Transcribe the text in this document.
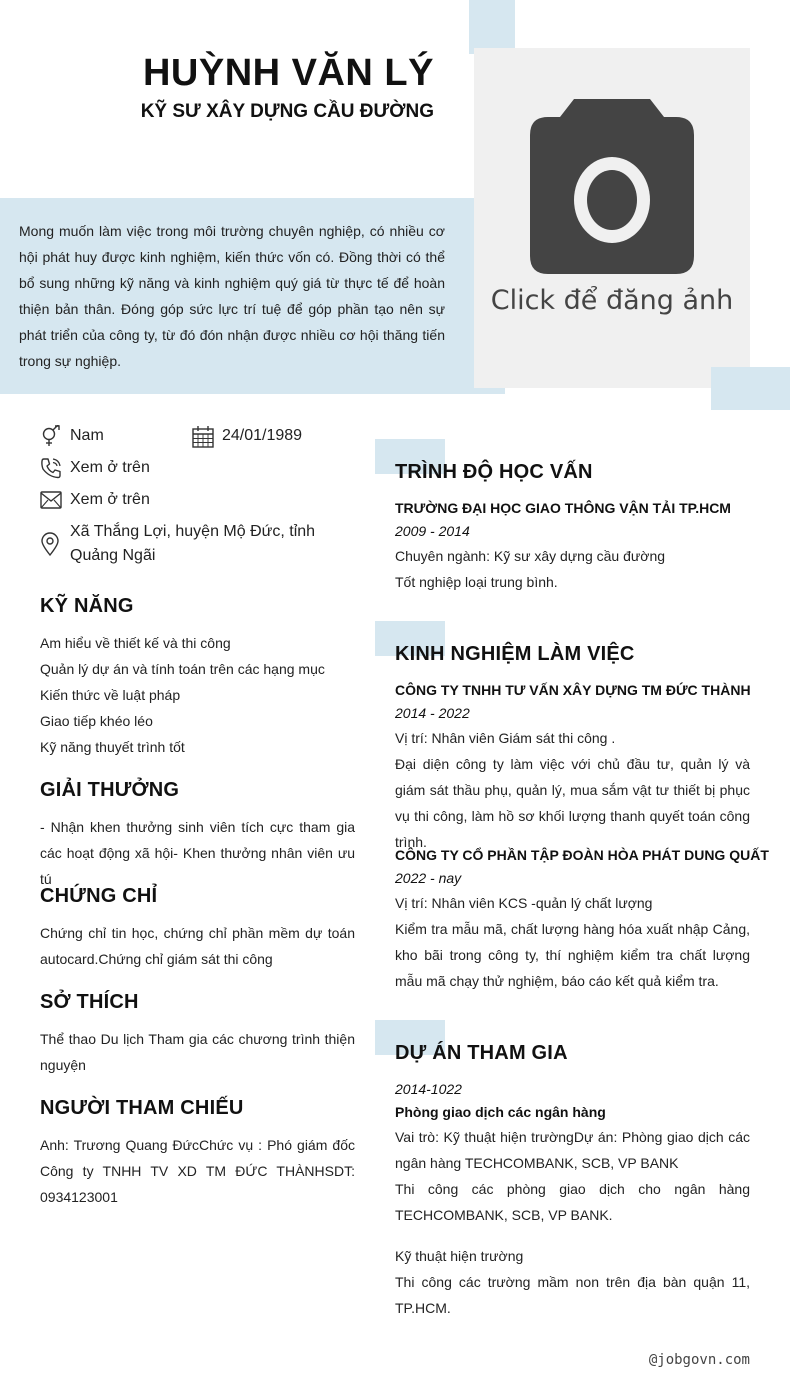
HUỲNH VĂN LÝ
KỸ SƯ XÂY DỰNG CẦU ĐƯỜNG

Mong muốn làm việc trong môi trường chuyên nghiệp, có nhiều cơ hội phát huy được kinh nghiệm, kiến thức vốn có. Đồng thời có thể bổ sung những kỹ năng và kinh nghiệm quý giá từ thực tế để hoàn thiện bản thân. Đóng góp sức lực trí tuệ để góp phần tạo nên sự phát triển của công ty, từ đó đón nhận được nhiều cơ hội thăng tiến trong sự nghiệp.

Click để đăng ảnh
Nam	24/01/1989
Xem ở trên
Xem ở trên
Xã Thắng Lợi, huyện Mộ Đức, tỉnh
Quảng Ngãi
KỸ NĂNG
Am hiểu về thiết kế và thi công
Quản lý dự án và tính toán trên các hạng mục
Kiến thức về luật pháp
Giao tiếp khéo léo
Kỹ năng thuyết trình tốt
GIẢI THƯỞNG

- Nhận khen thưởng sinh viên tích cực tham gia các hoạt động xã hội- Khen thưởng nhân viên ưu tú

CHỨNG CHỈ

Chứng chỉ tin học, chứng chỉ phần mềm dự toán autocard.Chứng chỉ giám sát thi công

SỞ THÍCH

Thể thao Du lịch Tham gia các chương trình thiện nguyện

NGƯỜI THAM CHIẾU

Anh: Trương Quang ĐứcChức vụ : Phó giám đốc Công ty TNHH TV XD TM ĐỨC THÀNHSDT: 0934123001

TRÌNH ĐỘ HỌC VẤN
TRƯỜNG ĐẠI HỌC GIAO THÔNG VẬN TẢI TP.HCM
2009 - 2014
Chuyên ngành: Kỹ sư xây dựng cầu đường
Tốt nghiệp loại trung bình.
KINH NGHIỆM LÀM VIỆC
CÔNG TY TNHH TƯ VẤN XÂY DỰNG TM ĐỨC THÀNH
2014 - 2022
Vị trí: Nhân viên Giám sát thi công .

Đại diện công ty làm việc với chủ đầu tư, quản lý và giám sát thầu phụ, quản lý, mua sắm vật tư thiết bị phục vụ thi công, làm hồ sơ khối lượng thanh quyết toán công trình.

CÔNG TY CỔ PHẦN TẬP ĐOÀN HÒA PHÁT DUNG QUẤT
2022 - nay
Vị trí: Nhân viên KCS -quản lý chất lượng

Kiểm tra mẫu mã, chất lượng hàng hóa xuất nhập Cảng, kho bãi trong công ty, thí nghiệm kiểm tra chất lượng mẫu mã chạy thử nghiệm, báo cáo kết quả kiểm tra.

DỰ ÁN THAM GIA
2014-1022
Phòng giao dịch các ngân hàng

Vai trò: Kỹ thuật hiện trườngDự án: Phòng giao dịch các ngân hàng TECHCOMBANK, SCB, VP BANK

Thi công các phòng giao dịch cho ngân hàng TECHCOMBANK, SCB, VP BANK.

Kỹ thuật hiện trường

Thi công các trường mầm non trên địa bàn quận 11, TP.HCM.

@jobgovn.com
